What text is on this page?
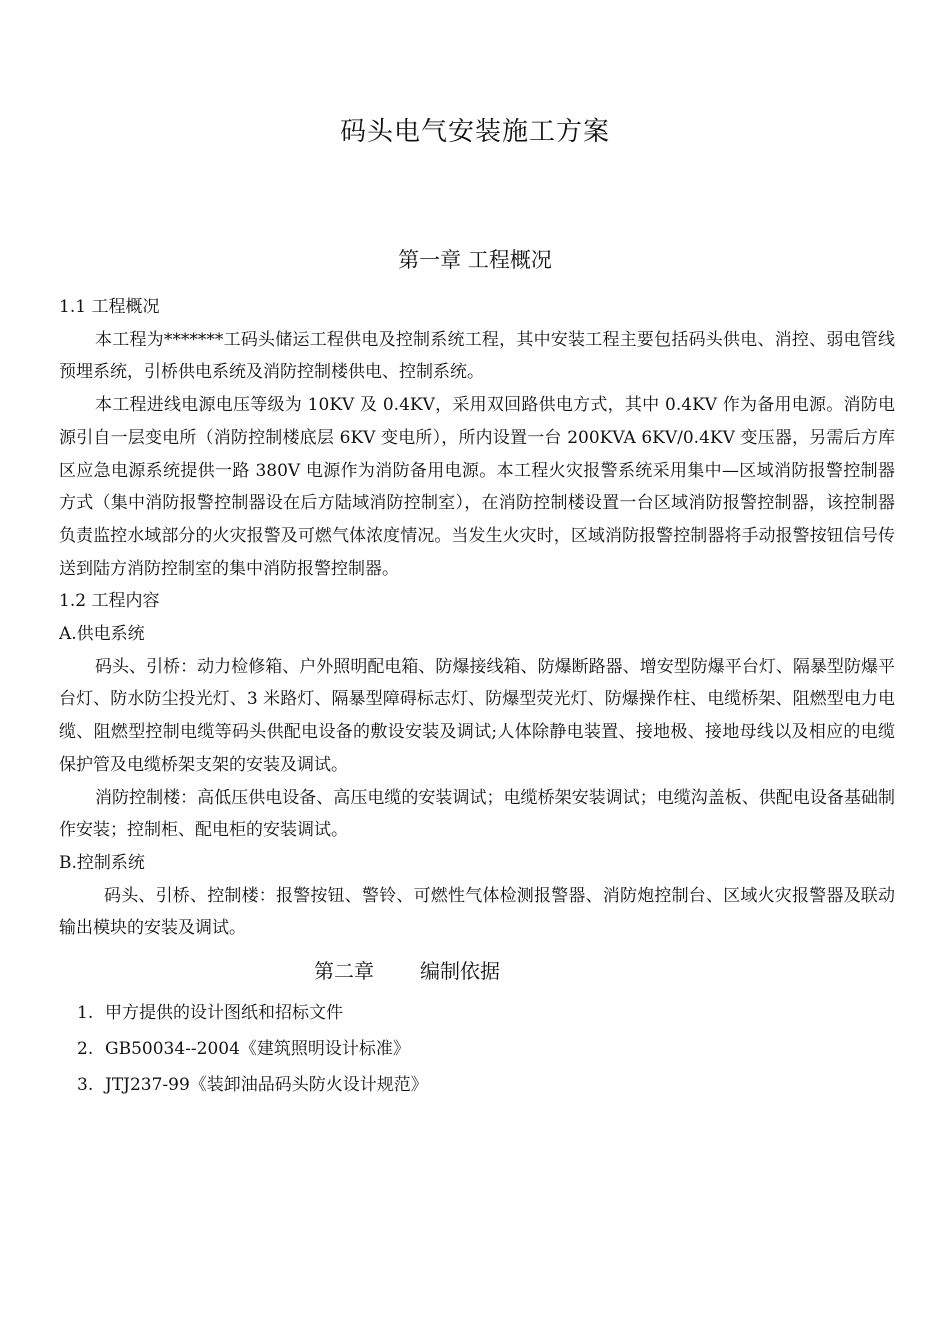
码头电气安装施工方案
第一章 工程概况

1.1 工程概况

本工程为*******工码头储运工程供电及控制系统工程，其中安装工程主要包括码头供电、消控、弱电管线预埋系统，引桥供电系统及消防控制楼供电、控制系统。

本工程进线电源电压等级为 10KV 及 0.4KV，采用双回路供电方式，其中 0.4KV 作为备用电源。消防电源引自一层变电所（消防控制楼底层 6KV 变电所），所内设置一台 200KVA 6KV/0.4KV 变压器，另需后方库区应急电源系统提供一路 380V 电源作为消防备用电源。本工程火灾报警系统采用集中—区域消防报警控制器方式（集中消防报警控制器设在后方陆域消防控制室），在消防控制楼设置一台区域消防报警控制器，该控制器负责监控水域部分的火灾报警及可燃气体浓度情况。当发生火灾时，区域消防报警控制器将手动报警按钮信号传送到陆方消防控制室的集中消防报警控制器。

1.2 工程内容

A.供电系统

码头、引桥：动力检修箱、户外照明配电箱、防爆接线箱、防爆断路器、增安型防爆平台灯、隔暴型防爆平台灯、防水防尘投光灯、3 米路灯、隔暴型障碍标志灯、防爆型荧光灯、防爆操作柱、电缆桥架、阻燃型电力电缆、阻燃型控制电缆等码头供配电设备的敷设安装及调试;人体除静电装置、接地极、接地母线以及相应的电缆保护管及电缆桥架支架的安装及调试。

消防控制楼：高低压供电设备、高压电缆的安装调试；电缆桥架安装调试；电缆沟盖板、供配电设备基础制作安装；控制柜、配电柜的安装调试。

B.控制系统

码头、引桥、控制楼：报警按钮、警铃、可燃性气体检测报警器、消防炮控制台、区域火灾报警器及联动输出模块的安装及调试。

第二章 编制依据
1. 甲方提供的设计图纸和招标文件
2. GB50034--2004《建筑照明设计标准》
3. JTJ237-99《装卸油品码头防火设计规范》
